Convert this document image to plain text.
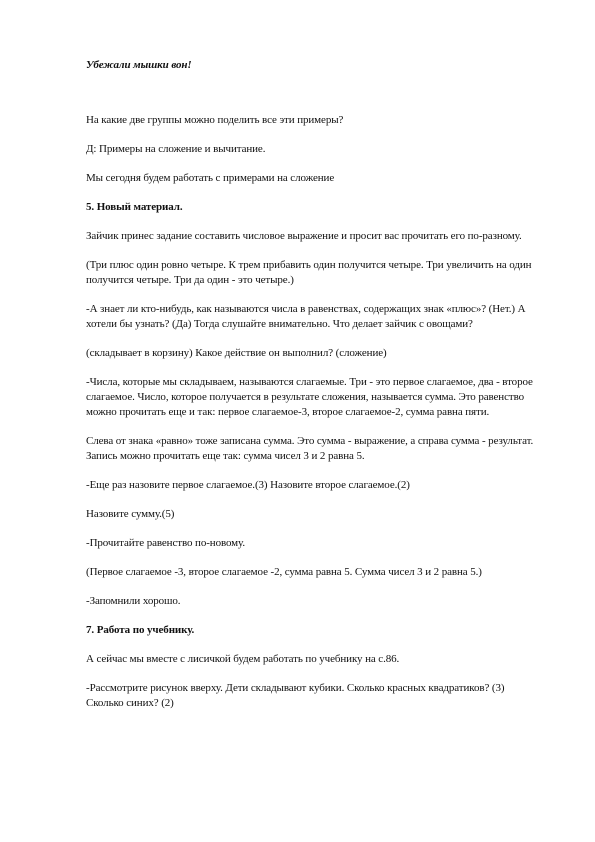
Убежали мышки вон!

На какие две группы можно поделить все эти примеры?

Д: Примеры на сложение и вычитание.

Мы сегодня будем работать с примерами на сложение

5. Новый материал.

Зайчик принес задание составить числовое выражение и просит вас прочитать его по-разному.

(Три плюс один ровно четыре. К трем прибавить один получится четыре. Три увеличить на один получится четыре. Три да один - это четыре.)

-А знает ли кто-нибудь, как называются числа в равенствах, содержащих знак «плюс»? (Нет.) А хотели бы узнать? (Да) Тогда слушайте внимательно. Что делает зайчик с овощами?

(складывает в корзину) Какое действие он выполнил? (сложение)

-Числа, которые мы складываем, называются слагаемые. Три - это первое слагаемое, два - второе слагаемое. Число, которое получается в результате сложения, называется сумма. Это равенство можно прочитать еще и так: первое слагаемое-3, второе слагаемое-2, сумма равна пяти.

Слева от знака «равно» тоже записана сумма. Это сумма - выражение, а справа сумма - результат. Запись можно прочитать еще так: сумма чисел 3 и 2 равна 5.

-Еще раз назовите первое слагаемое.(3) Назовите второе слагаемое.(2)

Назовите сумму.(5)

-Прочитайте равенство по-новому.

(Первое слагаемое -3, второе слагаемое -2, сумма равна 5. Сумма чисел 3 и 2 равна 5.)

-Запомнили хорошо.

7. Работа по учебнику.

А сейчас мы вместе с лисичкой будем работать по учебнику на с.86.

-Рассмотрите рисунок вверху. Дети складывают кубики. Сколько красных квадратиков? (3) Сколько синих? (2)
